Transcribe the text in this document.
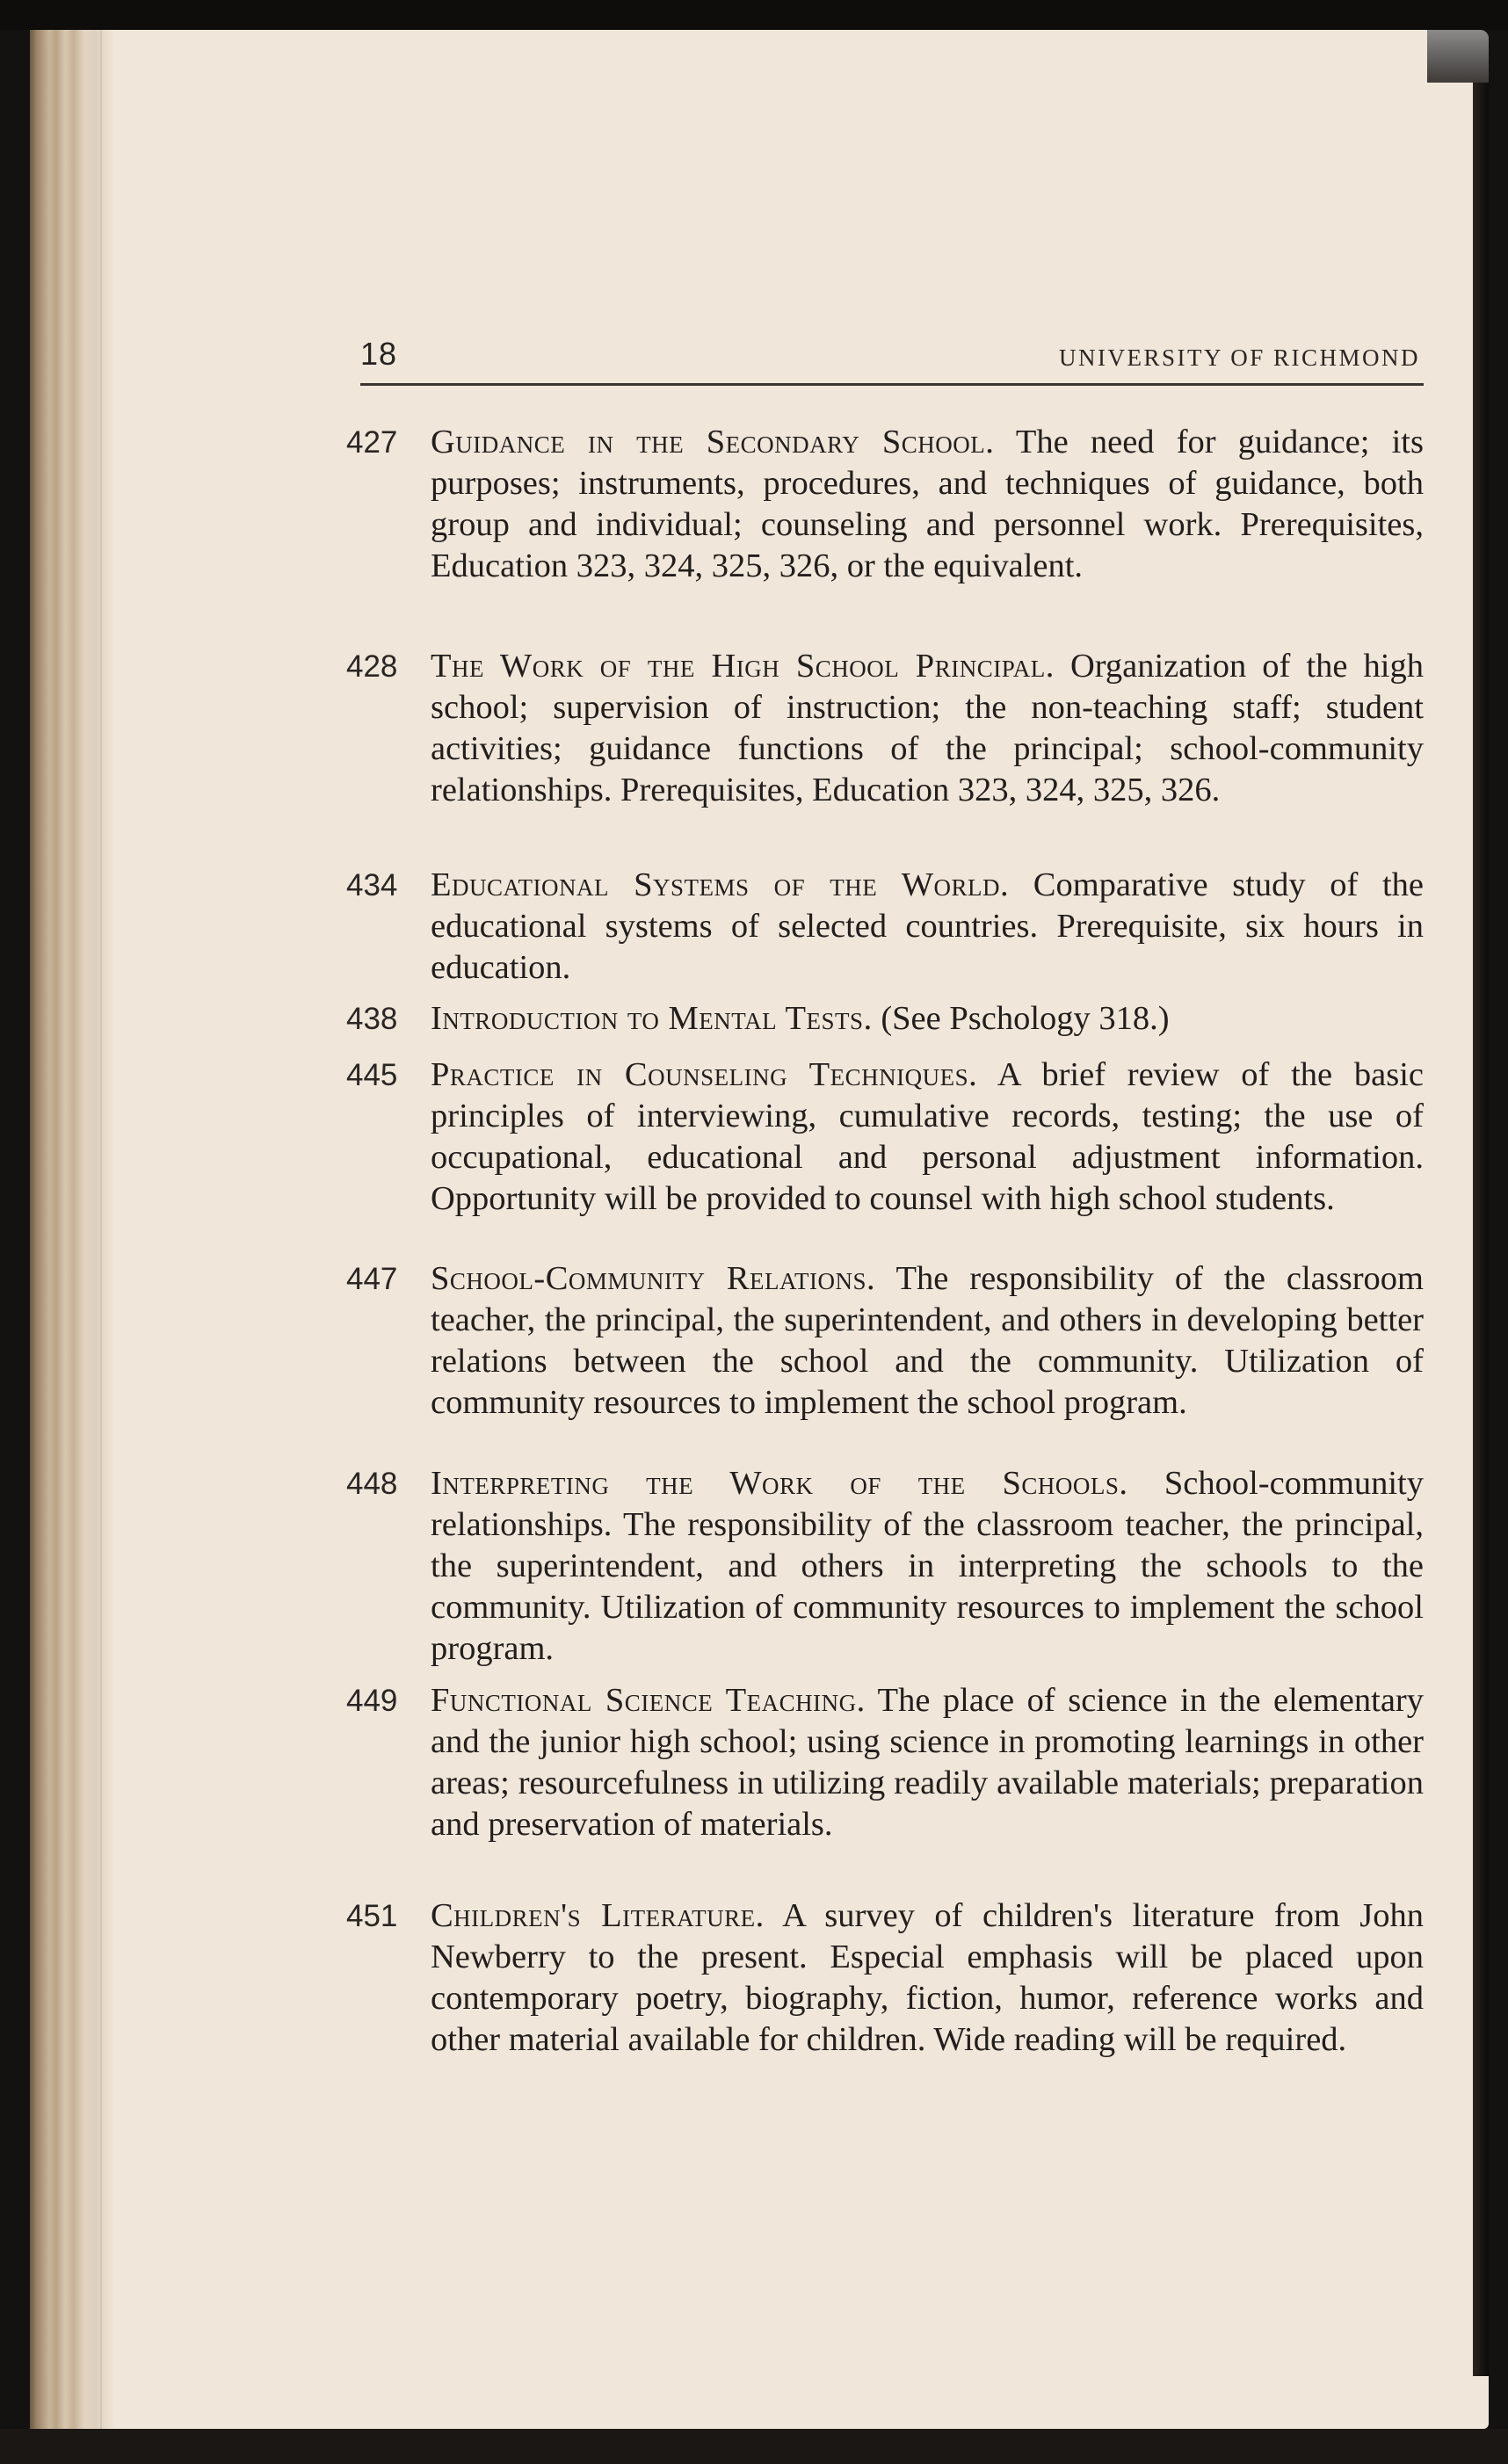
18	UNIVERSITY OF RICHMOND
427 Guidance in the Secondary School. The need for guidance; its purposes; instruments, procedures, and techniques of guidance, both group and individual; counseling and personnel work. Prerequisites, Education 323, 324, 325, 326, or the equivalent.
428 The Work of the High School Principal. Organization of the high school; supervision of instruction; the non-teaching staff; student activities; guidance functions of the principal; school-community relationships. Prerequisites, Education 323, 324, 325, 326.
434 Educational Systems of the World. Comparative study of the educational systems of selected countries. Prerequisite, six hours in education.
438 Introduction to Mental Tests. (See Pschology 318.)
445 Practice in Counseling Techniques. A brief review of the basic principles of interviewing, cumulative records, testing; the use of occupational, educational and personal adjustment information. Opportunity will be provided to counsel with high school students.
447 School-Community Relations. The responsibility of the classroom teacher, the principal, the superintendent, and others in developing better relations between the school and the community. Utilization of community resources to implement the school program.
448 Interpreting the Work of the Schools. School-community relationships. The responsibility of the classroom teacher, the principal, the superintendent, and others in interpreting the schools to the community. Utilization of community resources to implement the school program.
449 Functional Science Teaching. The place of science in the elementary and the junior high school; using science in promoting learnings in other areas; resourcefulness in utilizing readily available materials; preparation and preservation of materials.
451 Children's Literature. A survey of children's literature from John Newberry to the present. Especial emphasis will be placed upon contemporary poetry, biography, fiction, humor, reference works and other material available for children. Wide reading will be required.
